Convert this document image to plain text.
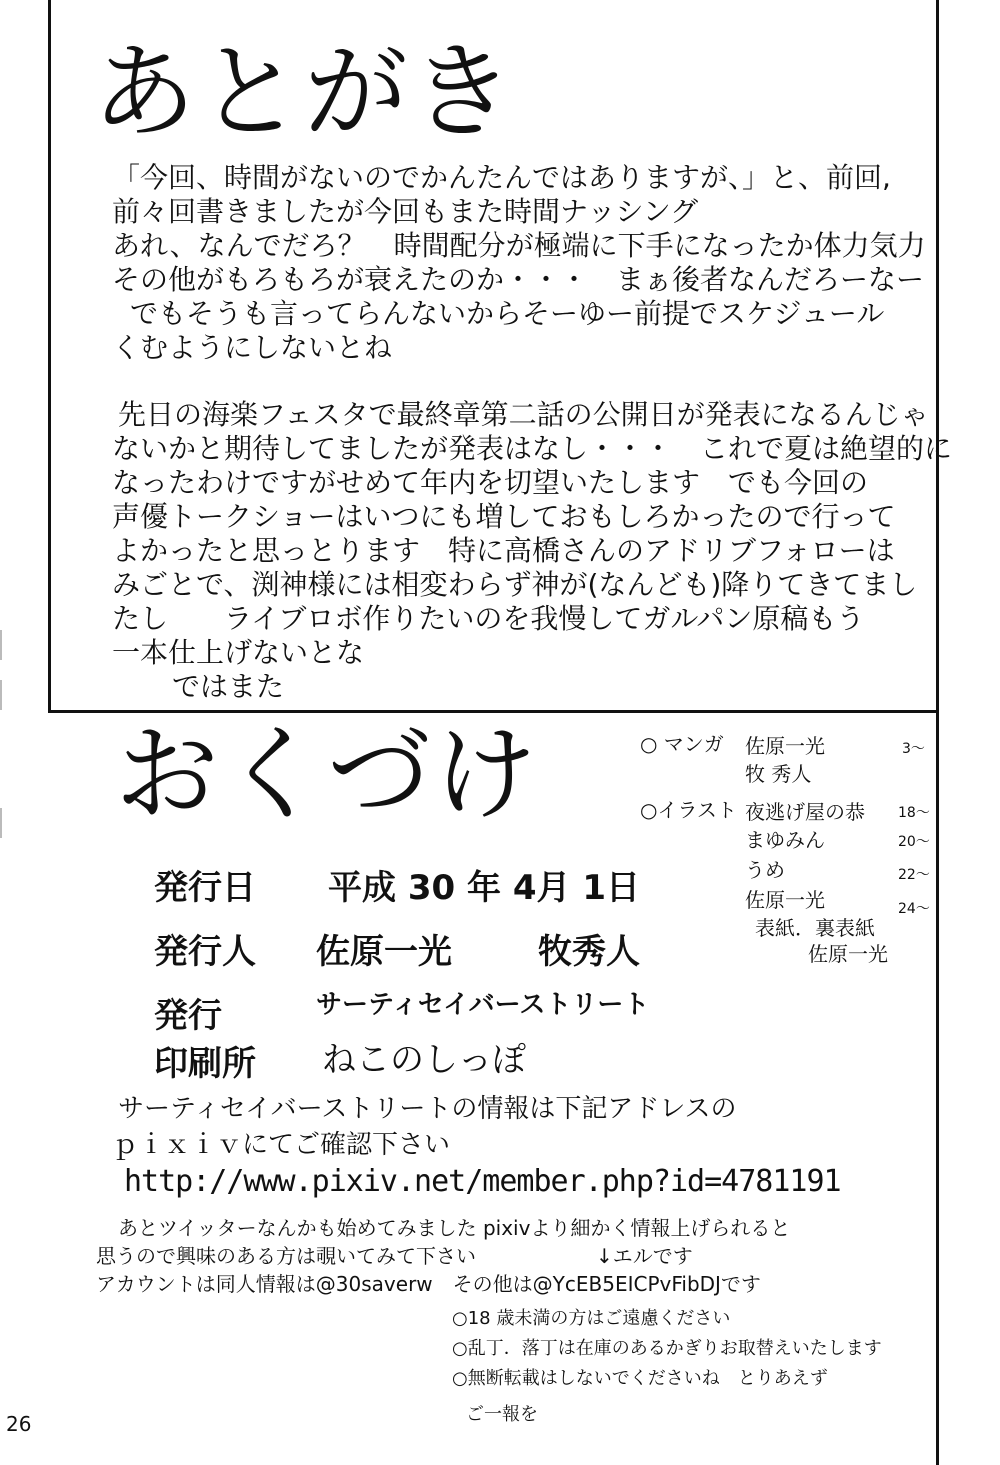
あとがき
「今回、時間がないのでかんたんではありますが、」と、前回,
前々回書きましたが今回もまた時間ナッシング
あれ、なんでだろ？　時間配分が極端に下手になったか体力気力
その他がもろもろが衰えたのか・・・　まぁ後者なんだろーなー
でもそうも言ってらんないからそーゆー前提でスケジュール
くむようにしないとね
先日の海楽フェスタで最終章第二話の公開日が発表になるんじゃ
ないかと期待してましたが発表はなし・・・　これで夏は絶望的に
なったわけですがせめて年内を切望いたします　でも今回の
声優トークショーはいつにも増しておもしろかったので行って
よかったと思っとります　特に高橋さんのアドリブフォローは
みごとで、渕神様には相変わらず神が(なんども)降りてきてまし
たし　　ライブロボ作りたいのを我慢してガルパン原稿もう
一本仕上げないとな
ではまた
おくづけ	○ マンガ 佐原一光	3～
牧 秀人
○イラスト 夜逃げ屋の恭 18～
まゆみん	20～
うめ	22～
佐原一光	24～
表紙．裏表紙
佐原一光
発行日 平成 30 年 4月 1日
発行人 佐原一光	牧秀人
発行	サーティセイバーストリート
印刷所 ねこのしっぽ
サーティセイバーストリートの情報は下記アドレスの
ｐｉｘｉｖにてご確認下さい
http://www.pixiv.net/member.php?id=4781191
あとツイッターなんかも始めてみました pixivより細かく情報上げられると
思うので興味のある方は覗いてみて下さい　　　　　　↓エルです
アカウントは同人情報は@30saverw　その他は@YcEB5EICPvFibDJです
○18 歳未満の方はご遠慮ください
○乱丁．落丁は在庫のあるかぎりお取替えいたします
○無断転載はしないでくださいね　とりあえず
ご一報を
26
